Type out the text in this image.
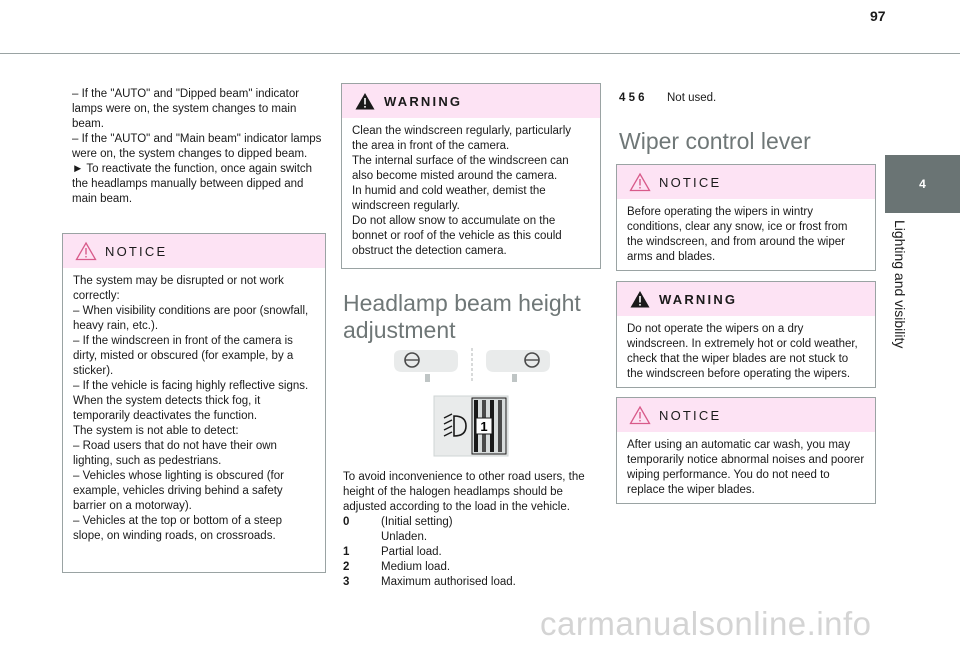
97
4
Lighting and visibility

– If the "AUTO" and "Dipped beam" indicator lamps were on, the system changes to main beam.

– If the "AUTO" and "Main beam" indicator lamps were on, the system changes to dipped beam.

► To reactivate the function, once again switch the headlamps manually between dipped and main beam.

NOTICE

The system may be disrupted or not work correctly:

– When visibility conditions are poor (snowfall, heavy rain, etc.).

– If the windscreen in front of the camera is dirty, misted or obscured (for example, by a sticker).

– If the vehicle is facing highly reflective signs.

When the system detects thick fog, it temporarily deactivates the function.

The system is not able to detect:

– Road users that do not have their own lighting, such as pedestrians.

– Vehicles whose lighting is obscured (for example, vehicles driving behind a safety barrier on a motorway).

– Vehicles at the top or bottom of a steep slope, on winding roads, on crossroads.

WARNING

Clean the windscreen regularly, particularly the area in front of the camera.

The internal surface of the windscreen can also become misted around the camera.

In humid and cold weather, demist the windscreen regularly.

Do not allow snow to accumulate on the bonnet or roof of the vehicle as this could obstruct the detection camera.

Headlamp beam height adjustment
1

To avoid inconvenience to other road users, the height of the halogen headlamps should be adjusted according to the load in the vehicle.

0	(Initial setting)
Unladen.
1	Partial load.
2	Medium load.
3	Maximum authorised load.
4 5 6 Not used.
Wiper control lever
NOTICE

Before operating the wipers in wintry conditions, clear any snow, ice or frost from the windscreen, and from around the wiper arms and blades.

WARNING

Do not operate the wipers on a dry windscreen. In extremely hot or cold weather, check that the wiper blades are not stuck to the windscreen before operating the wipers.

NOTICE

After using an automatic car wash, you may temporarily notice abnormal noises and poorer wiping performance. You do not need to replace the wiper blades.

carmanualsonline.info
